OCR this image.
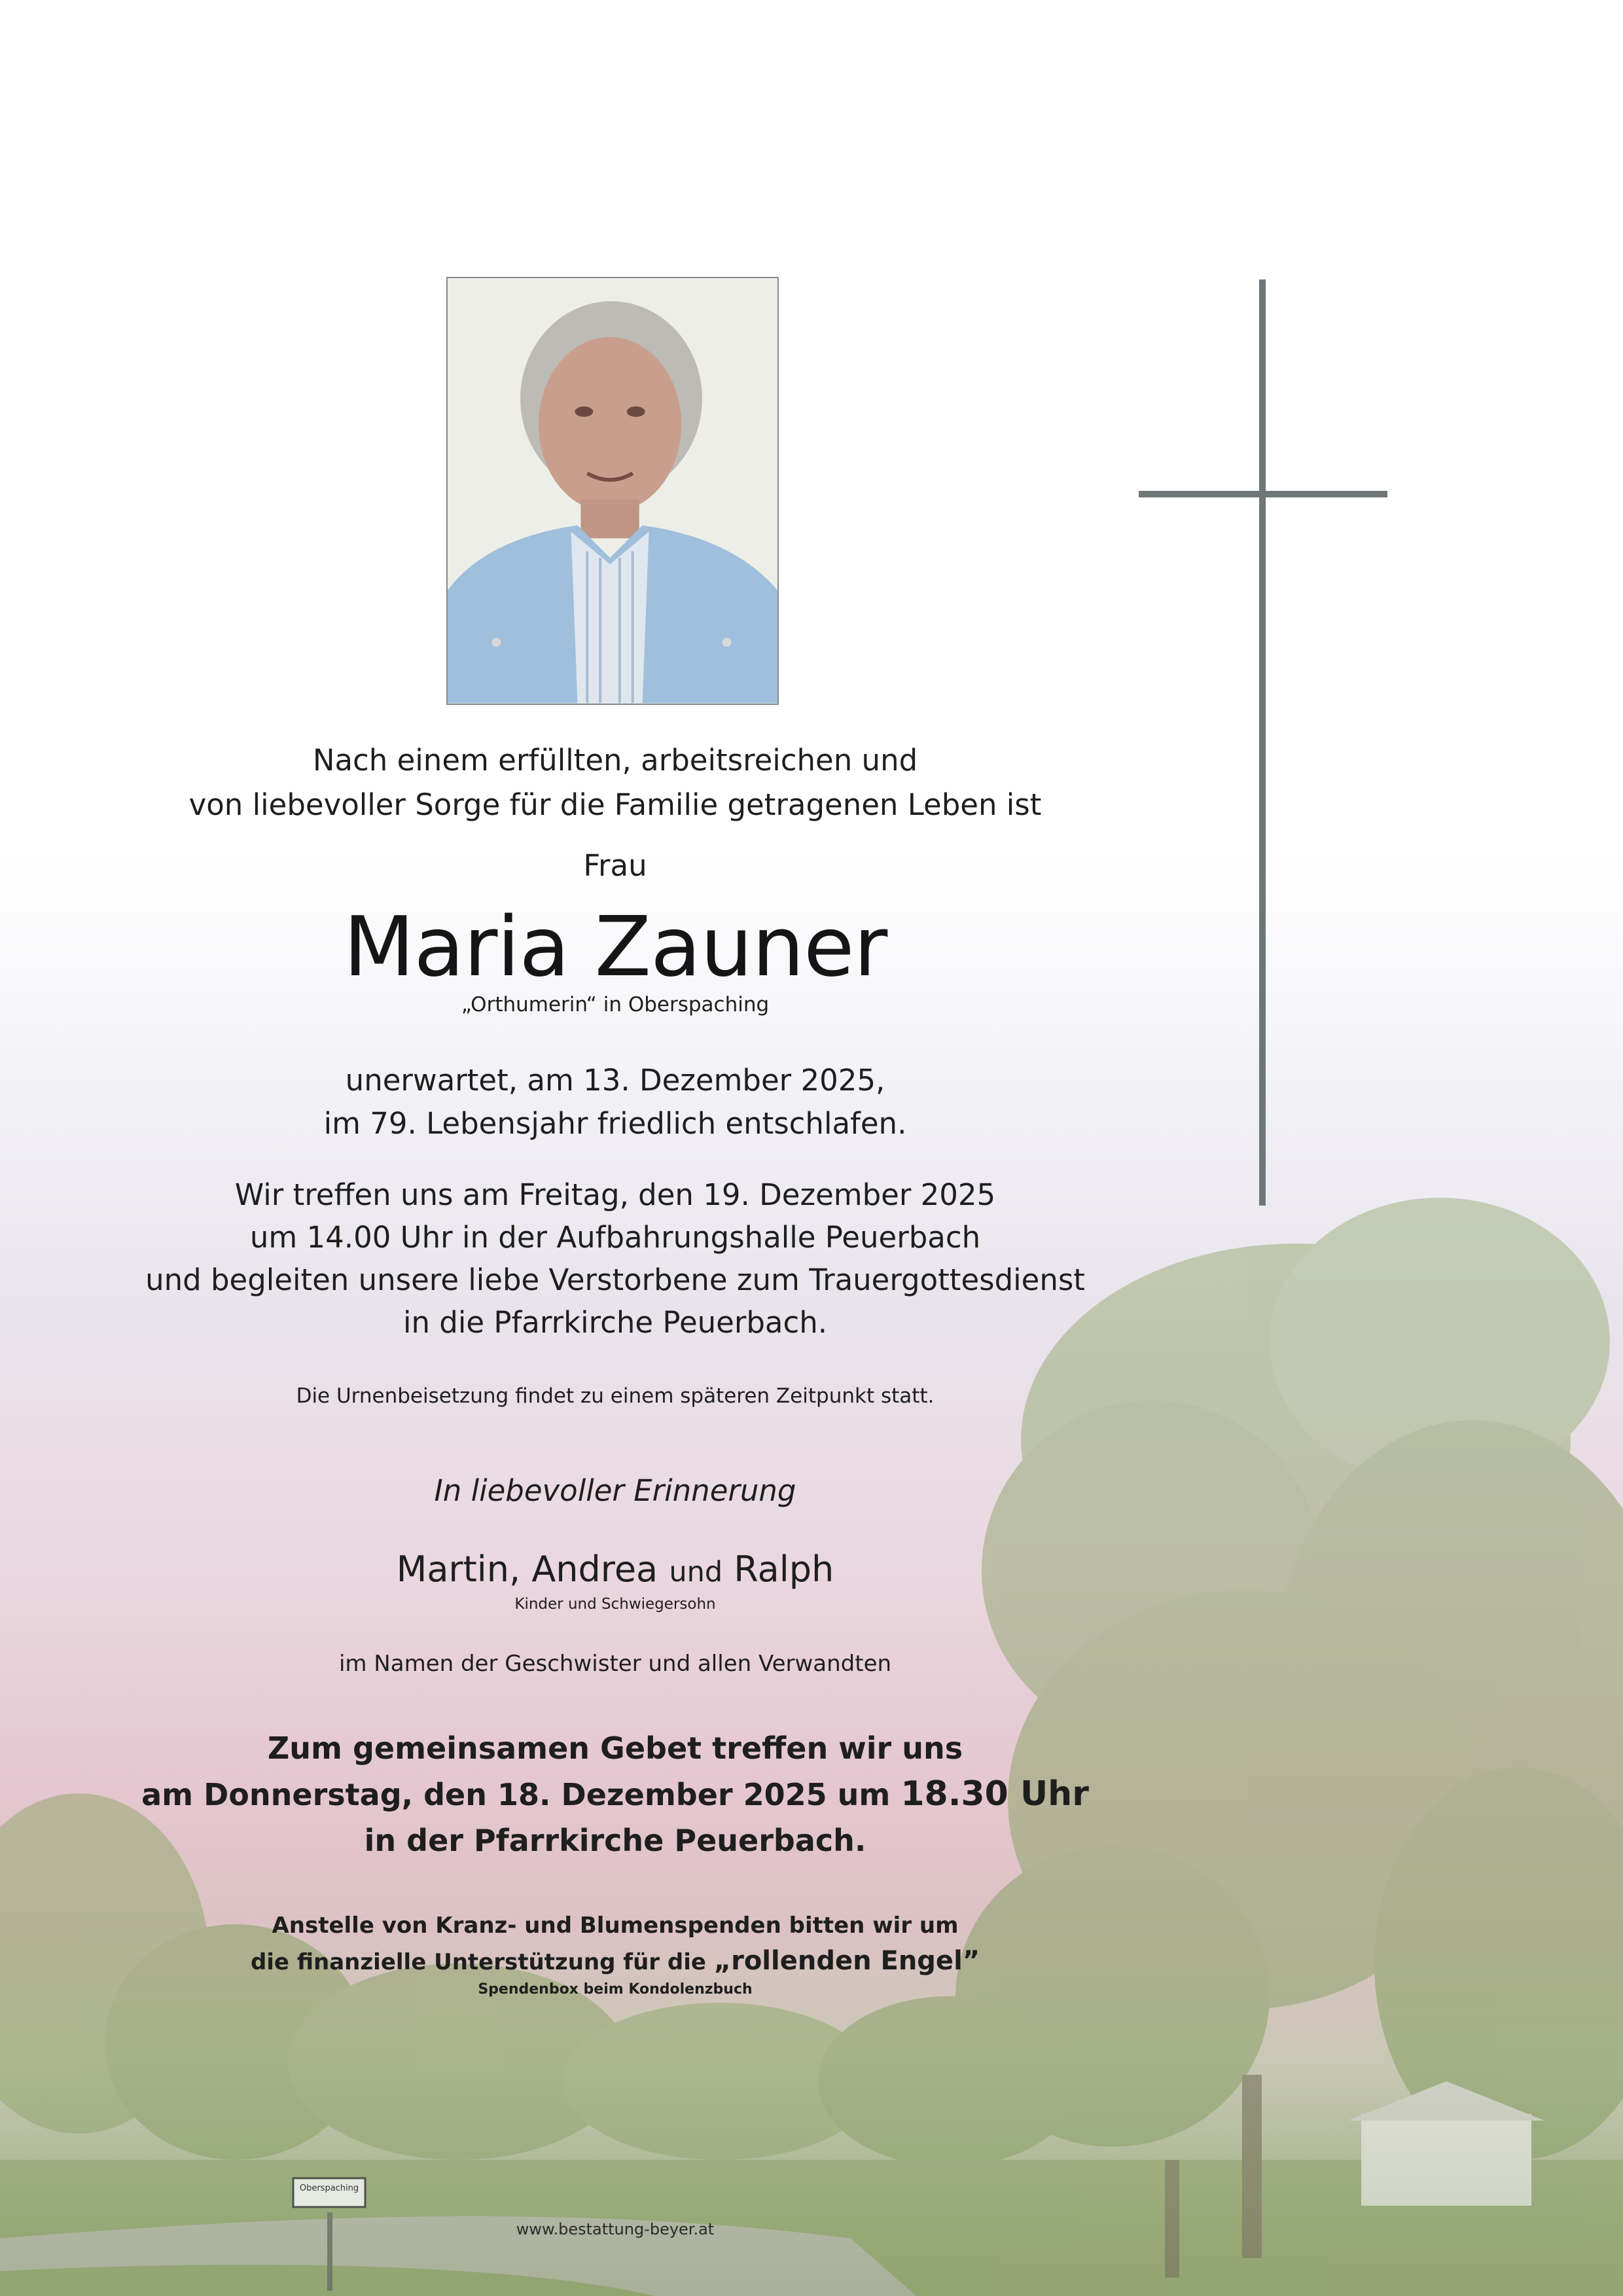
Oberspaching
Nach einem erfüllten, arbeitsreichen und
von liebevoller Sorge für die Familie getragenen Leben ist
Frau
Maria Zauner
„Orthumerin“ in Oberspaching
unerwartet, am 13. Dezember 2025,
im 79. Lebensjahr friedlich entschlafen.
Wir treffen uns am Freitag, den 19. Dezember 2025
um 14.00 Uhr in der Aufbahrungshalle Peuerbach
und begleiten unsere liebe Verstorbene zum Trauergottesdienst
in die Pfarrkirche Peuerbach.
Die Urnenbeisetzung findet zu einem späteren Zeitpunkt statt.
In liebevoller Erinnerung
Martin, Andrea und Ralph
Kinder und Schwiegersohn
im Namen der Geschwister und allen Verwandten
Zum gemeinsamen Gebet treffen wir uns
am Donnerstag, den 18. Dezember 2025 um 18.30 Uhr
in der Pfarrkirche Peuerbach.
Anstelle von Kranz- und Blumenspenden bitten wir um
die finanzielle Unterstützung für die „rollenden Engel”
Spendenbox beim Kondolenzbuch
www.bestattung-beyer.at
